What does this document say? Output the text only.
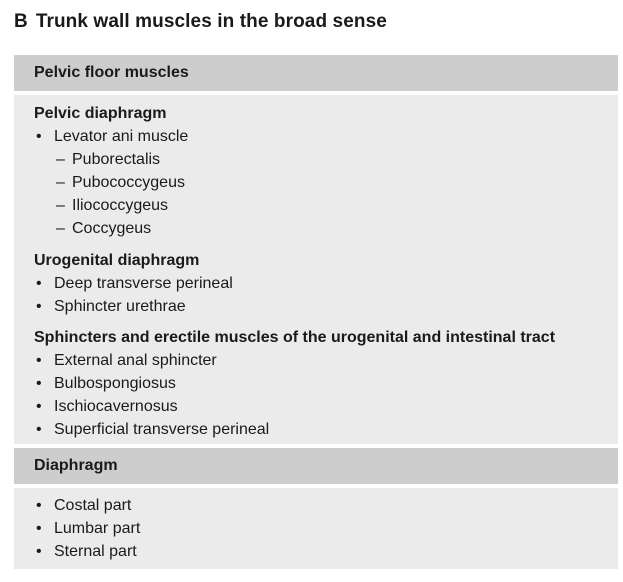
B Trunk wall muscles in the broad sense
Pelvic floor muscles
Pelvic diaphragm
• Levator ani muscle
– Puborectalis
– Pubococcygeus
– Iliococcygeus
– Coccygeus
Urogenital diaphragm
• Deep transverse perineal
• Sphincter urethrae
Sphincters and erectile muscles of the urogenital and intestinal tract
• External anal sphincter
• Bulbospongiosus
• Ischiocavernosus
• Superficial transverse perineal
Diaphragm
• Costal part
• Lumbar part
• Sternal part
